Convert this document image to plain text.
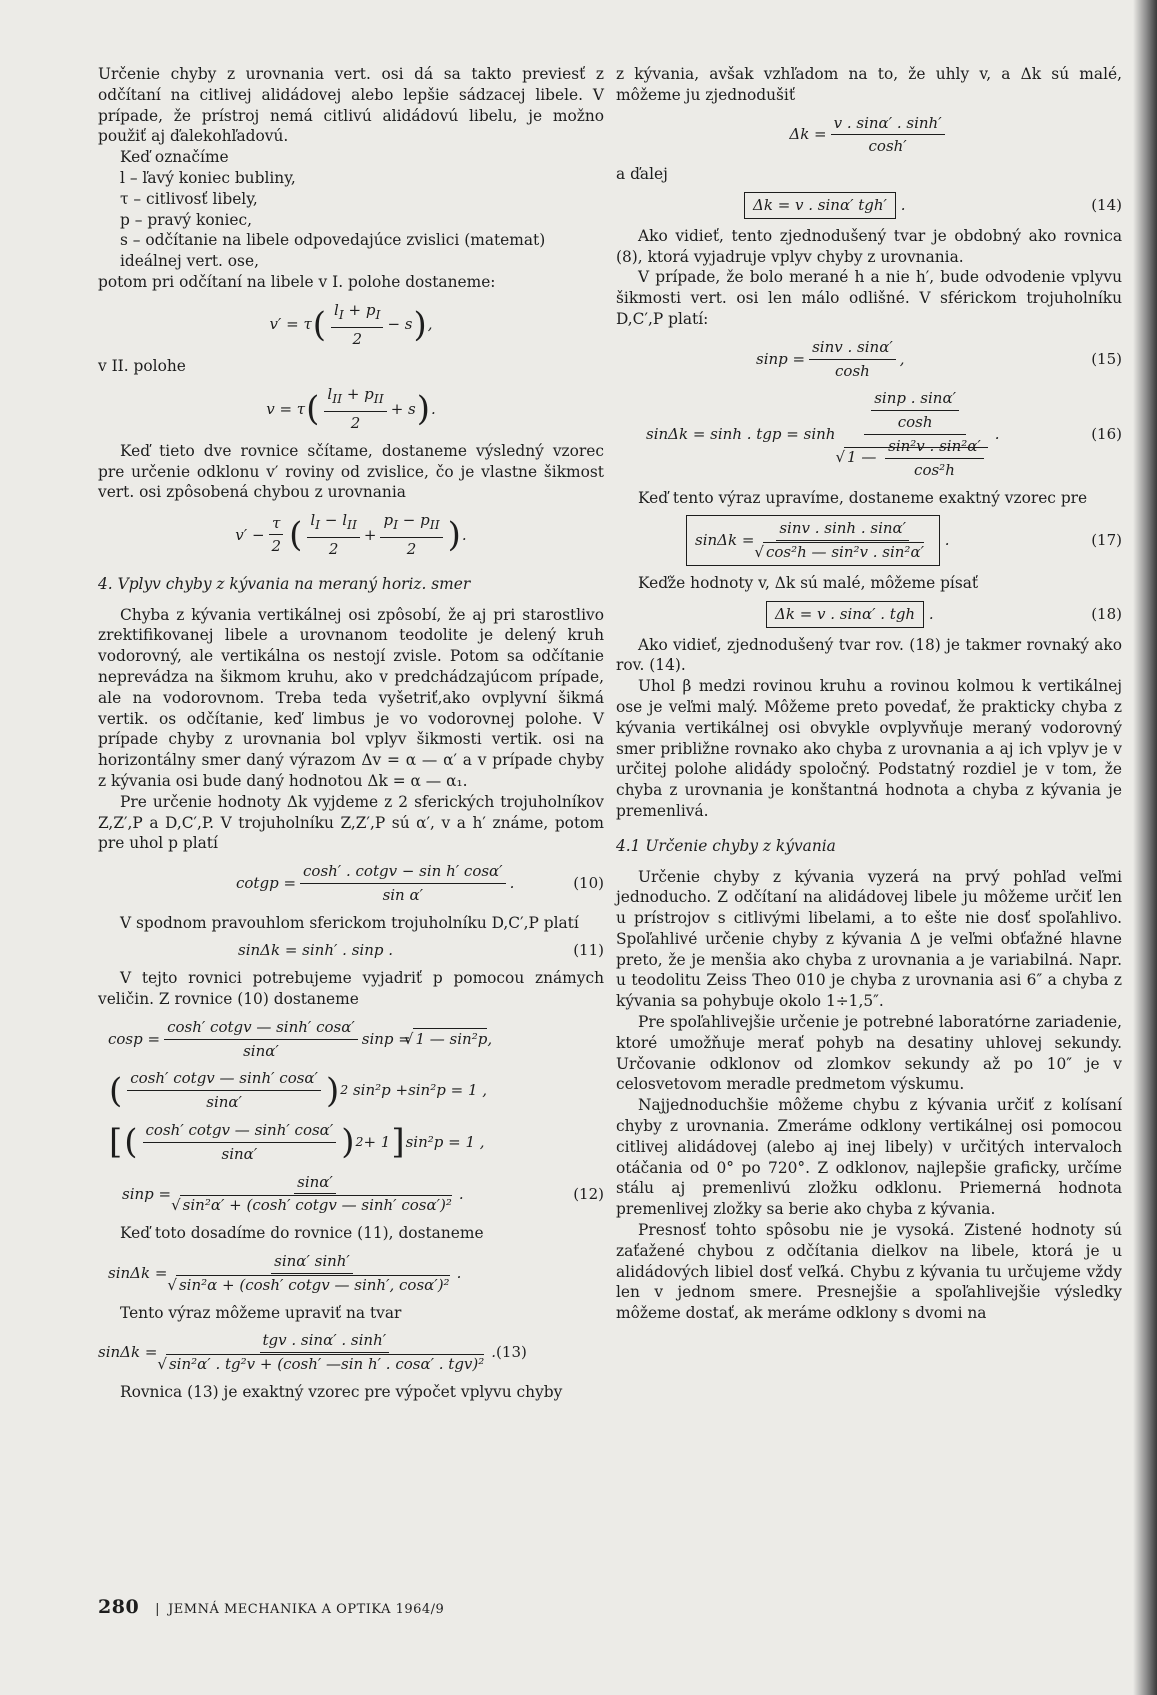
Určenie chyby z urovnania vert. osi dá sa takto previesť z odčítaní na citlivej alidádovej alebo lepšie sádzacej libele. V prípade, že prístroj nemá citlivú alidádovú libelu, je možno použiť aj ďalekohľadovú.

Keď označíme

l – ľavý koniec bubliny,
τ – citlivosť libely,
p – pravý koniec,
s – odčítanie na libele odpovedajúce zvislici (matemat) ideálnej vert. ose,

potom pri odčítaní na libele v I. polohe dostaneme:

v′ = τ ( $l_I + p_I$
2
− s ) ,

v II. polohe

v = τ ( $l_{II} + p_{II}$
2
+ s ) .

Keď tieto dve rovnice sčítame, dostaneme výsledný vzorec pre určenie odklonu v′ roviny od zvislice, čo je vlastne šikmost vert. osi zpôsobená chybou z urovnania

v′ −
τ
2 ( $l_I - l_{II}$
2
+
$p_I - p_{II}$
2 ) .
4. Vplyv chyby z kývania na meraný horiz. smer

Chyba z kývania vertikálnej osi zpôsobí, že aj pri starostlivo zrektifikovanej libele a urovnanom teodolite je delený kruh vodorovný, ale vertikálna os nestojí zvisle. Potom sa odčítanie neprevádza na šikmom kruhu, ako v predchádzajúcom prípade, ale na vodorovnom. Treba teda vyšetriť,ako ovplyvní šikmá vertik. os odčítanie, keď limbus je vo vodorovnej polohe. V prípade chyby z urovnania bol vplyv šikmosti vertik. osi na horizontálny smer daný výrazom Δv = α — α′ a v prípade chyby z kývania osi bude daný hodnotou Δk = α — α₁.

Pre určenie hodnoty Δk vyjdeme z 2 sferických trojuholníkov Z,Z′,P a D,C′,P. V trojuholníku Z,Z′,P sú α′, v a h′ známe, potom pre uhol p platí

cotgp = $\frac{\text{cosh′ . cotgv − sin h′ cosα′}}{\text{sin α′}}$ .	(10)

V spodnom pravouhlom sferickom trojuholníku D,C′,P platí

sinΔk = sinh′ . sinp .	(11)

V tejto rovnici potrebujeme vyjadriť p pomocou známych veličin. Z rovnice (10) dostaneme

cosp =
cosh′ cotgv — sinh′ cosα′
sinα′
sinp =
√ 1 — sin²p ,
( cosh′ cotgv — sinh′ cosα′
sinα′ ) 2 sin²p +sin²p = 1 ,
[ ( cosh′ cotgv — sinh′ cosα′
sinα′ ) 2 + 1 ] sin²p = 1 ,
sinp = sinα′
√ sin²α′ + (cosh′ cotgv — sinh′ cosα′)² .	(12)

Keď toto dosadíme do rovnice (11), dostaneme

sinΔk =
sinα′ sinh′
√ sin²α + (cosh′ cotgv — sinh′, cosα′)²
.

Tento výraz môžeme upraviť na tvar

sinΔk =
tgv . sinα′ . sinh′
√ sin²α′ . tg²v + (cosh′ —sin h′ . cosα′ . tgv)²
. (13)

Rovnica (13) je exaktný vzorec pre výpočet vplyvu chyby

z kývania, avšak vzhľadom na to, že uhly v, a Δk sú malé, môžeme ju zjednodušiť

Δk =
v . sinα′ . sinh′
cosh′

a ďalej

Δk = v . sinα′ tgh′ .	(14)

Ako vidieť, tento zjednodušený tvar je obdobný ako rovnica (8), ktorá vyjadruje vplyv chyby z urovnania.

V prípade, že bolo merané h a nie h′, bude odvodenie vplyvu šikmosti vert. osi len málo odlišné. V sférickom trojuholníku D,C′,P platí:

$\sin p = \frac{\sin v . \sin\alpha'}{\cosh}$ ,	(15)
sinΔk = sinh . tgp = sinh
$\frac{\sin p . \sin\alpha'}{\cosh}$
√ 1 — $\frac{\text{sin²v . sin²α′}}{\text{cos²h}}$
.	(16)

Keď tento výraz upravíme, dostaneme exaktný vzorec pre

sinΔk =
sinv . sinh . sinα′
√ cos²h — sin²v . sin²α′
.	(17)

Keďže hodnoty v, Δk sú malé, môžeme písať

Δk = v . sinα′ . tgh .	(18)

Ako vidieť, zjednodušený tvar rov. (18) je takmer rovnaký ako rov. (14).

Uhol β medzi rovinou kruhu a rovinou kolmou k vertikálnej ose je veľmi malý. Môžeme preto povedať, že prakticky chyba z kývania vertikálnej osi obvykle ovplyvňuje meraný vodorovný smer približne rovnako ako chyba z urovnania a aj ich vplyv je v určitej polohe alidády spoločný. Podstatný rozdiel je v tom, že chyba z urovnania je konštantná hodnota a chyba z kývania je premenlivá.

4.1 Určenie chyby z kývania

Určenie chyby z kývania vyzerá na prvý pohľad veľmi jednoducho. Z odčítaní na alidádovej libele ju môžeme určiť len u prístrojov s citlivými libelami, a to ešte nie dosť spoľahlivo. Spoľahlivé určenie chyby z kývania Δ je veľmi obťažné hlavne preto, že je menšia ako chyba z urovnania a je variabilná. Napr. u teodolitu Zeiss Theo 010 je chyba z urovnania asi 6″ a chyba z kývania sa pohybuje okolo 1÷1,5″.

Pre spoľahlivejšie určenie je potrebné laboratórne zariadenie, ktoré umožňuje merať pohyb na desatiny uhlovej sekundy. Určovanie odklonov od zlomkov sekundy až po 10″ je v celosvetovom meradle predmetom výskumu.

Najjednoduchšie môžeme chybu z kývania určiť z kolísaní chyby z urovnania. Zmeráme odklony vertikálnej osi pomocou citlivej alidádovej (alebo aj inej libely) v určitých intervaloch otáčania od 0° po 720°. Z odklonov, najlepšie graficky, určíme stálu aj premenlivú zložku odklonu. Priemerná hodnota premenlivej zložky sa berie ako chyba z kývania.

Presnosť tohto spôsobu nie je vysoká. Zistené hodnoty sú zaťažené chybou z odčítania dielkov na libele, ktorá je u alidádových libiel dosť veľká. Chybu z kývania tu určujeme vždy len v jednom smere. Presnejšie a spoľahlivejšie výsledky môžeme dostať, ak meráme odklony s dvomi na

280 | JEMNÁ MECHANIKA A OPTIKA 1964/9
